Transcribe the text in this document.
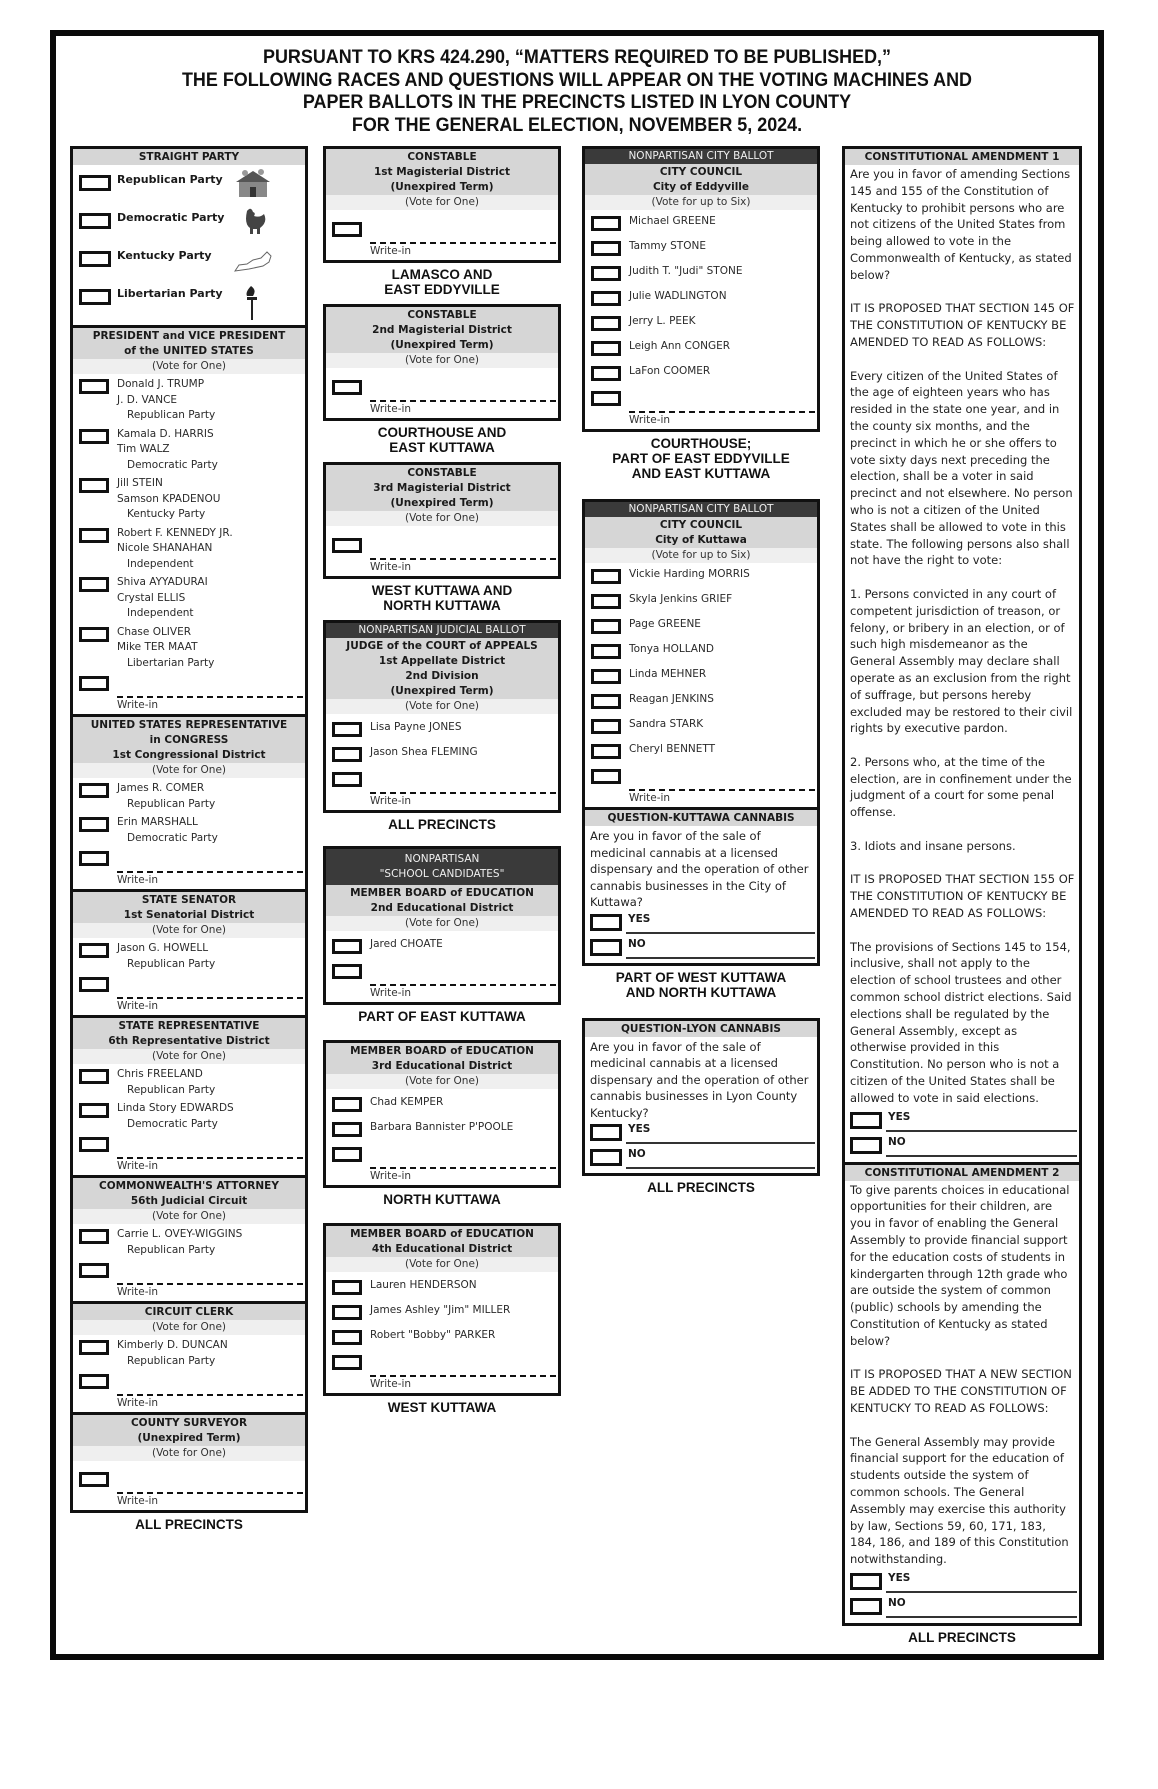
PURSUANT TO KRS 424.290, “MATTERS REQUIRED TO BE PUBLISHED,”
THE FOLLOWING RACES AND QUESTIONS WILL APPEAR ON THE VOTING MACHINES AND
PAPER BALLOTS IN THE PRECINCTS LISTED IN LYON COUNTY
FOR THE GENERAL ELECTION, NOVEMBER 5, 2024.
STRAIGHT PARTY
Republican Party
Democratic Party
Kentucky Party
Libertarian Party
PRESIDENT and VICE PRESIDENT
of the UNITED STATES
(Vote for One)
Donald J. TRUMP
J. D. VANCE
Republican Party
Kamala D. HARRIS
Tim WALZ
Democratic Party
Jill STEIN
Samson KPADENOU
Kentucky Party
Robert F. KENNEDY JR.
Nicole SHANAHAN
Independent
Shiva AYYADURAI
Crystal ELLIS
Independent
Chase OLIVER
Mike TER MAAT
Libertarian Party
Write-in
UNITED STATES REPRESENTATIVE
in CONGRESS
1st Congressional District
(Vote for One)
James R. COMER
Republican Party
Erin MARSHALL
Democratic Party
Write-in
STATE SENATOR
1st Senatorial District
(Vote for One)
Jason G. HOWELL
Republican Party
Write-in
STATE REPRESENTATIVE
6th Representative District
(Vote for One)
Chris FREELAND
Republican Party
Linda Story EDWARDS
Democratic Party
Write-in
COMMONWEALTH'S ATTORNEY
56th Judicial Circuit
(Vote for One)
Carrie L. OVEY-WIGGINS
Republican Party
Write-in
CIRCUIT CLERK
(Vote for One)
Kimberly D. DUNCAN
Republican Party
Write-in
COUNTY SURVEYOR
(Unexpired Term)
(Vote for One)
Write-in
ALL PRECINCTS
CONSTABLE
1st Magisterial District
(Unexpired Term)
(Vote for One)
Write-in
LAMASCO AND
EAST EDDYVILLE
CONSTABLE
2nd Magisterial District
(Unexpired Term)
(Vote for One)
Write-in
COURTHOUSE AND
EAST KUTTAWA
CONSTABLE
3rd Magisterial District
(Unexpired Term)
(Vote for One)
Write-in
WEST KUTTAWA AND
NORTH KUTTAWA
NONPARTISAN JUDICIAL BALLOT
JUDGE of the COURT of APPEALS
1st Appellate District
2nd Division
(Unexpired Term)
(Vote for One)
Lisa Payne JONES
Jason Shea FLEMING
Write-in
ALL PRECINCTS
NONPARTISAN
"SCHOOL CANDIDATES"
MEMBER BOARD of EDUCATION
2nd Educational District
(Vote for One)
Jared CHOATE
Write-in
PART OF EAST KUTTAWA
MEMBER BOARD of EDUCATION
3rd Educational District
(Vote for One)
Chad KEMPER
Barbara Bannister P'POOLE
Write-in
NORTH KUTTAWA
MEMBER BOARD of EDUCATION
4th Educational District
(Vote for One)
Lauren HENDERSON
James Ashley "Jim" MILLER
Robert "Bobby" PARKER
Write-in
WEST KUTTAWA
NONPARTISAN CITY BALLOT
CITY COUNCIL
City of Eddyville
(Vote for up to Six)
Michael GREENE
Tammy STONE
Judith T. "Judi" STONE
Julie WADLINGTON
Jerry L. PEEK
Leigh Ann CONGER
LaFon COOMER
Write-in
COURTHOUSE;
PART OF EAST EDDYVILLE
AND EAST KUTTAWA
NONPARTISAN CITY BALLOT
CITY COUNCIL
City of Kuttawa
(Vote for up to Six)
Vickie Harding MORRIS
Skyla Jenkins GRIEF
Page GREENE
Tonya HOLLAND
Linda MEHNER
Reagan JENKINS
Sandra STARK
Cheryl BENNETT
Write-in
QUESTION-KUTTAWA CANNABIS
Are you in favor of the sale of medicinal cannabis at a licensed dispensary and the operation of other cannabis businesses in the City of Kuttawa?
YES
NO
PART OF WEST KUTTAWA
AND NORTH KUTTAWA
QUESTION-LYON CANNABIS
Are you in favor of the sale of medicinal cannabis at a licensed dispensary and the operation of other cannabis businesses in Lyon County Kentucky?
YES
NO
ALL PRECINCTS
CONSTITUTIONAL AMENDMENT 1

Are you in favor of amending Sections 145 and 155 of the Constitution of Kentucky to prohibit persons who are not citizens of the United States from being allowed to vote in the Commonwealth of Kentucky, as stated below?

IT IS PROPOSED THAT SECTION 145 OF THE CONSTITUTION OF KENTUCKY BE AMENDED TO READ AS FOLLOWS:

Every citizen of the United States of the age of eighteen years who has resided in the state one year, and in the county six months, and the precinct in which he or she offers to vote sixty days next preceding the election, shall be a voter in said precinct and not elsewhere. No person who is not a citizen of the United States shall be allowed to vote in this state. The following persons also shall not have the right to vote:

1. Persons convicted in any court of competent jurisdiction of treason, or felony, or bribery in an election, or of such high misdemeanor as the General Assembly may declare shall operate as an exclusion from the right of suffrage, but persons hereby excluded may be restored to their civil rights by executive pardon.

2. Persons who, at the time of the election, are in confinement under the judgment of a court for some penal offense.

3. Idiots and insane persons.

IT IS PROPOSED THAT SECTION 155 OF THE CONSTITUTION OF KENTUCKY BE AMENDED TO READ AS FOLLOWS:

The provisions of Sections 145 to 154, inclusive, shall not apply to the election of school trustees and other common school district elections. Said elections shall be regulated by the General Assembly, except as otherwise provided in this Constitution. No person who is not a citizen of the United States shall be allowed to vote in said elections.

YES
NO
CONSTITUTIONAL AMENDMENT 2

To give parents choices in educational opportunities for their children, are you in favor of enabling the General Assembly to provide financial support for the education costs of students in kindergarten through 12th grade who are outside the system of common (public) schools by amending the Constitution of Kentucky as stated below?

IT IS PROPOSED THAT A NEW SECTION BE ADDED TO THE CONSTITUTION OF KENTUCKY TO READ AS FOLLOWS:

The General Assembly may provide financial support for the education of students outside the system of common schools. The General Assembly may exercise this authority by law, Sections 59, 60, 171, 183, 184, 186, and 189 of this Constitution notwithstanding.

YES
NO
ALL PRECINCTS
